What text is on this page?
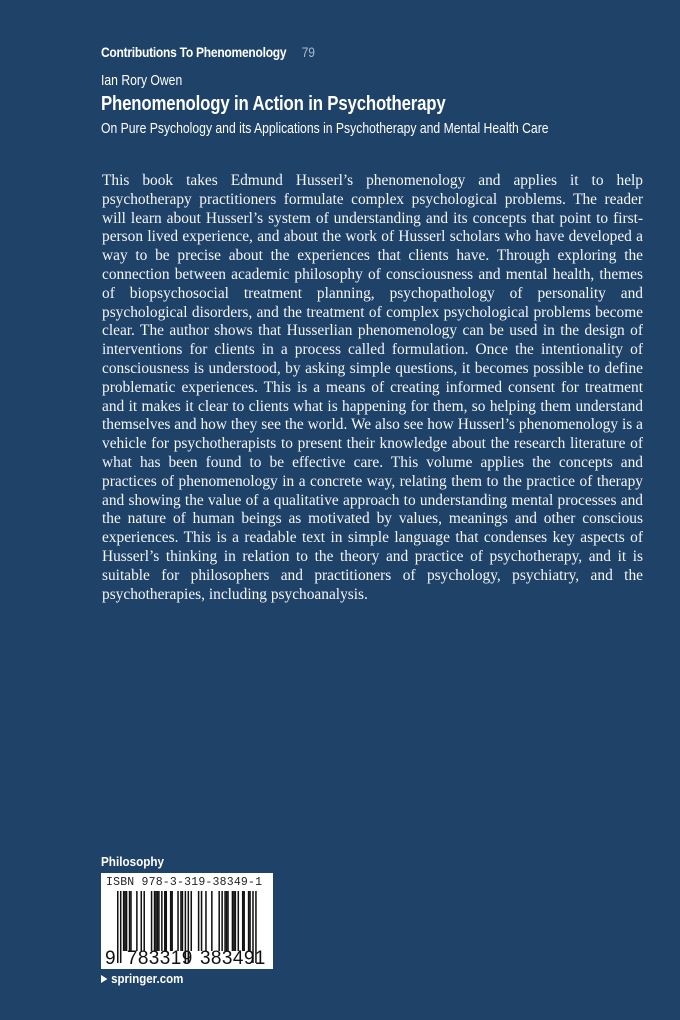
Contributions To Phenomenology 79
Ian Rory Owen
Phenomenology in Action in Psychotherapy
On Pure Psychology and its Applications in Psychotherapy and Mental Health Care

This book takes Edmund Husserl’s phenomenology and applies it to help psychotherapy practitioners formulate complex psychological problems. The reader will learn about Husserl’s system of understanding and its concepts that point to first-person lived experience, and about the work of Husserl scholars who have developed a way to be precise about the experiences that clients have. Through exploring the connection between academic philosophy of consciousness and mental health, themes of biopsychosocial treatment planning, psychopathology of personality and psychological disorders, and the treatment of complex psychological problems become clear. The author shows that Husserlian phenomenology can be used in the design of interventions for clients in a process called formulation. Once the intentionality of consciousness is understood, by asking simple questions, it becomes possible to define problematic experiences. This is a means of creating informed consent for treatment and it makes it clear to clients what is happening for them, so helping them understand themselves and how they see the world. We also see how Husserl’s phenomenology is a vehicle for psychotherapists to present their knowledge about the research literature of what has been found to be effective care. This volume applies the concepts and practices of phenomenology in a concrete way, relating them to the practice of therapy and showing the value of a qualitative approach to understanding mental processes and the nature of human beings as motivated by values, meanings and other conscious experiences. This is a readable text in simple language that condenses key aspects of Husserl’s thinking in relation to the theory and practice of psychotherapy, and it is suitable for philosophers and practitioners of psychology, psychiatry, and the psychotherapies, including psychoanalysis.

Philosophy
ISBN 978-3-319-38349-1
9 783319 383491
springer.com
